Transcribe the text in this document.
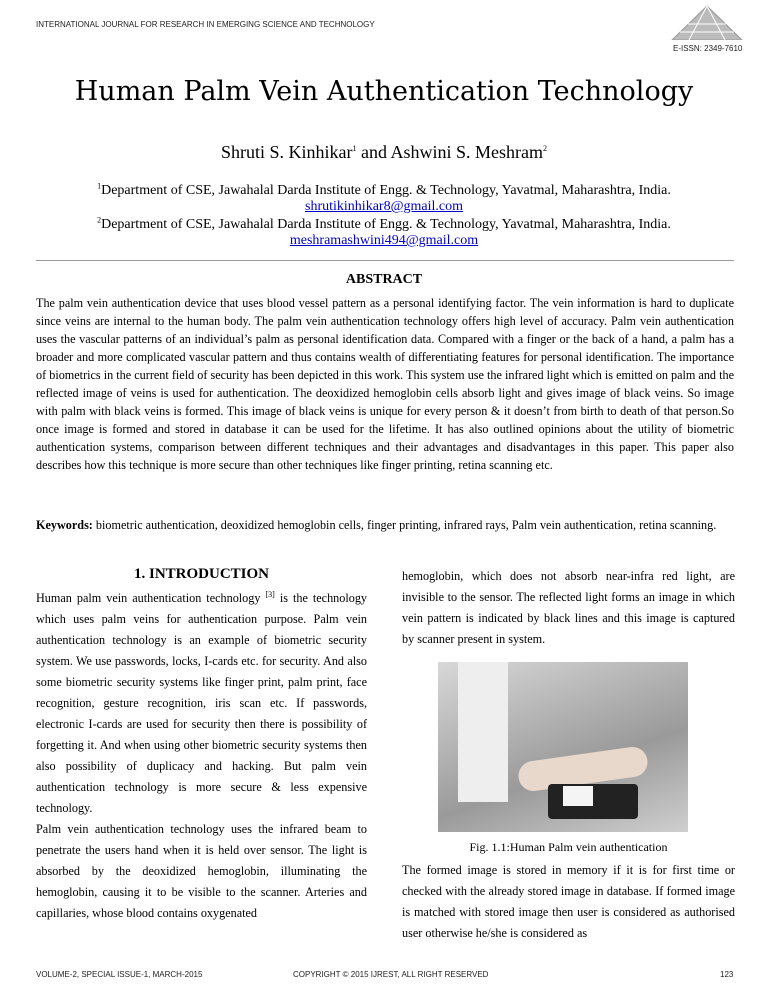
INTERNATIONAL JOURNAL FOR RESEARCH IN EMERGING SCIENCE AND TECHNOLOGY
E-ISSN: 2349-7610
Human Palm Vein Authentication Technology
Shruti S. Kinhikar$^1$ and Ashwini S. Meshram$^2$
$^1$Department of CSE, Jawahalal Darda Institute of Engg. & Technology, Yavatmal, Maharashtra, India.
shrutikinhikar8@gmail.com
$^2$Department of CSE, Jawahalal Darda Institute of Engg. & Technology, Yavatmal, Maharashtra, India.
meshramashwini494@gmail.com
ABSTRACT
The palm vein authentication device that uses blood vessel pattern as a personal identifying factor. The vein information is hard to duplicate since veins are internal to the human body. The palm vein authentication technology offers high level of accuracy. Palm vein authentication uses the vascular patterns of an individual’s palm as personal identification data. Compared with a finger or the back of a hand, a palm has a broader and more complicated vascular pattern and thus contains wealth of differentiating features for personal identification. The importance of biometrics in the current field of security has been depicted in this work. This system use the infrared light which is emitted on palm and the reflected image of veins is used for authentication. The deoxidized hemoglobin cells absorb light and gives image of black veins. So image with palm with black veins is formed. This image of black veins is unique for every person & it doesn’t from birth to death of that person.So once image is formed and stored in database it can be used for the lifetime. It has also outlined opinions about the utility of biometric authentication systems, comparison between different techniques and their advantages and disadvantages in this paper. This paper also describes how this technique is more secure than other techniques like finger printing, retina scanning etc.
Keywords: biometric authentication, deoxidized hemoglobin cells, finger printing, infrared rays, Palm vein authentication, retina scanning.
1. INTRODUCTION
Human palm vein authentication technology [3] is the technology which uses palm veins for authentication purpose. Palm vein authentication technology is an example of biometric security system. We use passwords, locks, I-cards etc. for security. And also some biometric security systems like finger print, palm print, face recognition, gesture recognition, iris scan etc. If passwords, electronic I-cards are used for security then there is possibility of forgetting it. And when using other biometric security systems then also possibility of duplicacy and hacking. But palm vein authentication technology is more secure & less expensive technology.
Palm vein authentication technology uses the infrared beam to penetrate the users hand when it is held over sensor. The light is absorbed by the deoxidized hemoglobin, illuminating the hemoglobin, causing it to be visible to the scanner. Arteries and capillaries, whose blood contains oxygenated
hemoglobin, which does not absorb near-infra red light, are invisible to the sensor. The reflected light forms an image in which vein pattern is indicated by black lines and this image is captured by scanner present in system.
Fig. 1.1:Human Palm vein authentication
The formed image is stored in memory if it is for first time or checked with the already stored image in database. If formed image is matched with stored image then user is considered as authorised user otherwise he/she is considered as
VOLUME-2, SPECIAL ISSUE-1, MARCH-2015	COPYRIGHT © 2015 IJREST, ALL RIGHT RESERVED	123
